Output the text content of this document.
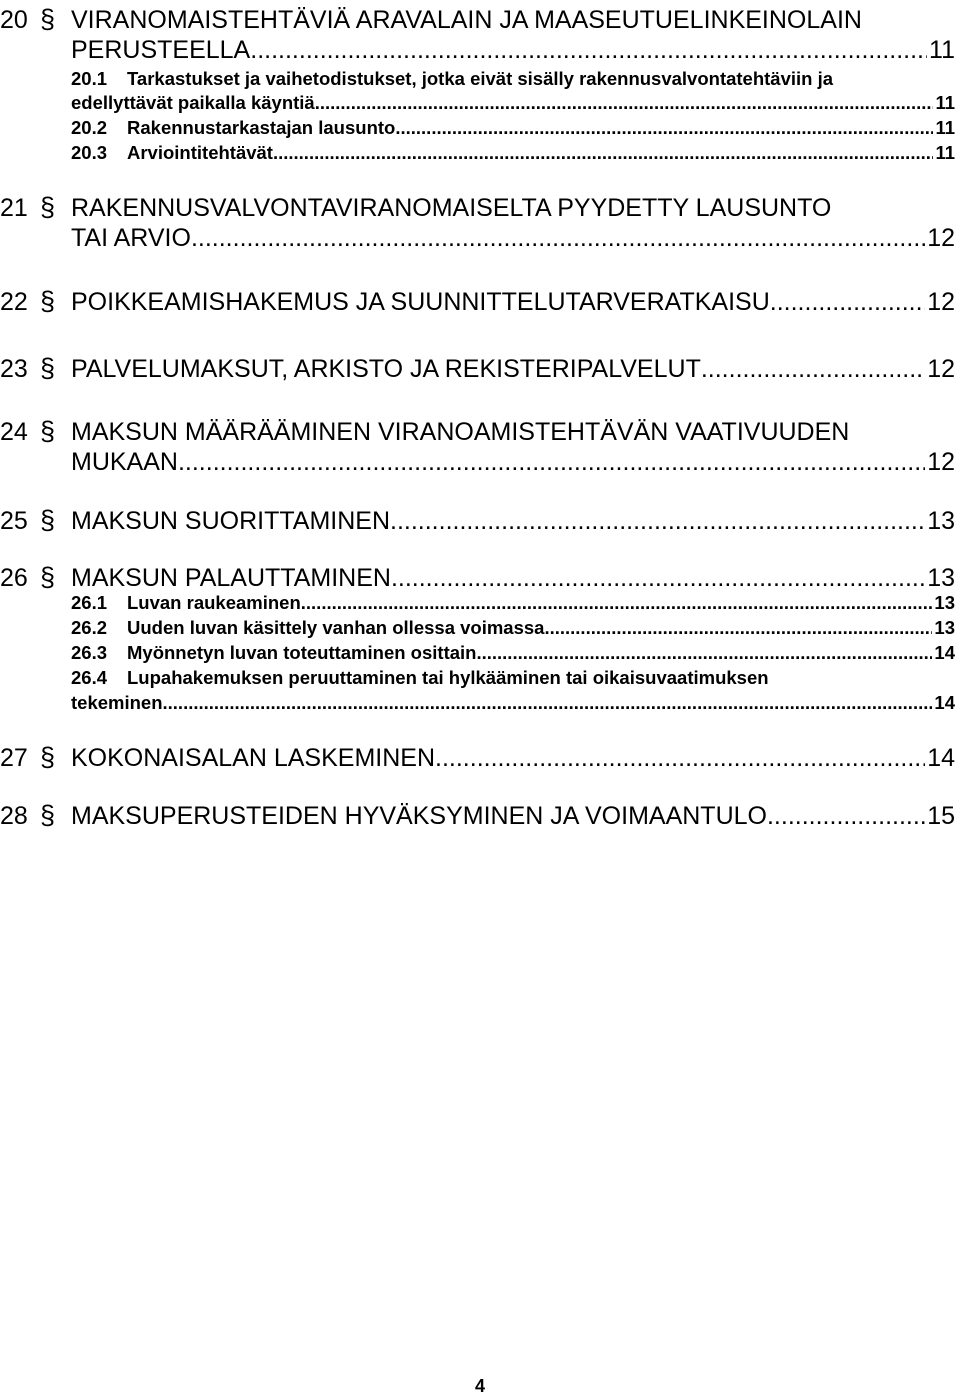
20 § VIRANOMAISTEHTÄVIÄ ARAVALAIN JA MAASEUTUELINKEINOLAIN
PERUSTEELLA .....	11
20.1	Tarkastukset ja vaihetodistukset, jotka eivät sisälly rakennusvalvontatehtäviin ja
edellyttävät paikalla käyntiä .....	11
20.2	Rakennustarkastajan lausunto .....	11
20.3	Arviointitehtävät .....	11
21 § RAKENNUSVALVONTAVIRANOMAISELTA PYYDETTY LAUSUNTO
TAI ARVIO .....	12
22 § POIKKEAMISHAKEMUS JA SUUNNITTELUTARVERATKAISU .....	12
23 § PALVELUMAKSUT, ARKISTO JA REKISTERIPALVELUT .....	12
24 § MAKSUN MÄÄRÄÄMINEN VIRANOAMISTEHTÄVÄN VAATIVUUDEN
MUKAAN .....	12
25 § MAKSUN SUORITTAMINEN .....	13
26 § MAKSUN PALAUTTAMINEN .....	13
26.1	Luvan raukeaminen .....	13
26.2	Uuden luvan käsittely vanhan ollessa voimassa .....	13
26.3	Myönnetyn luvan toteuttaminen osittain .....	14
26.4	Lupahakemuksen peruuttaminen tai hylkääminen tai oikaisuvaatimuksen
tekeminen .....	14
27 § KOKONAISALAN LASKEMINEN .....	14
28 § MAKSUPERUSTEIDEN HYVÄKSYMINEN JA VOIMAANTULO .....	15
4
